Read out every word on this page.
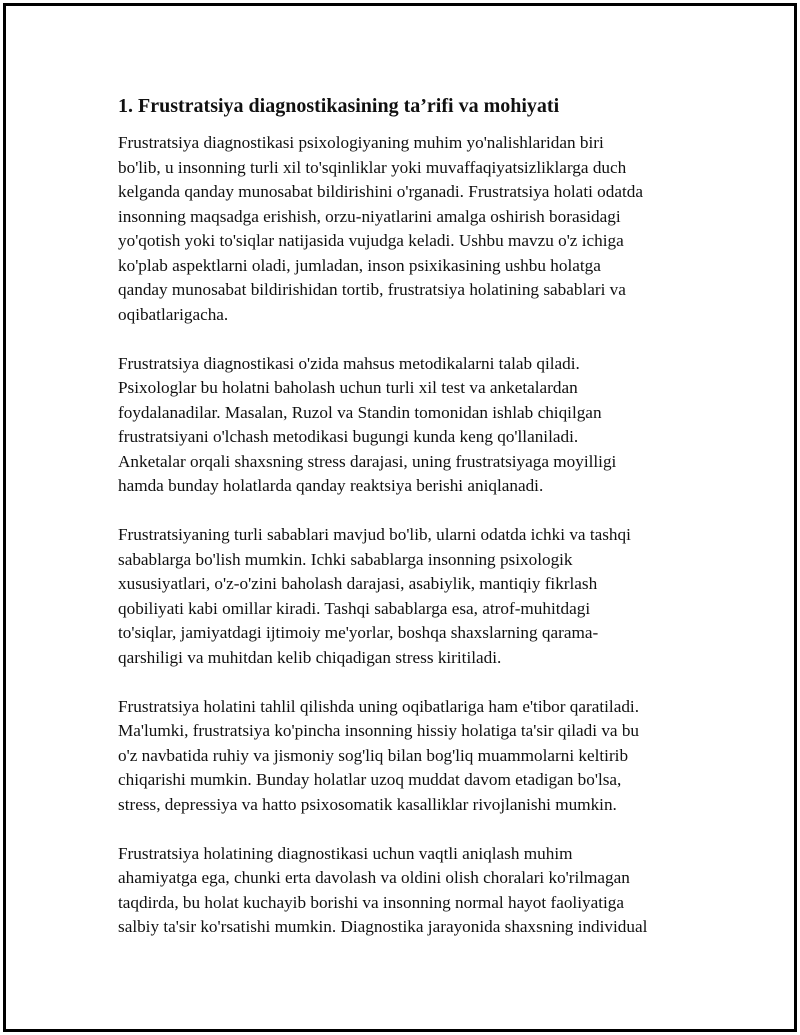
1. Frustratsiya diagnostikasining ta’rifi va mohiyati
Frustratsiya diagnostikasi psixologiyaning muhim yo'nalishlaridan biri
bo'lib, u insonning turli xil to'sqinliklar yoki muvaffaqiyatsizliklarga duch
kelganda qanday munosabat bildirishini o'rganadi. Frustratsiya holati odatda
insonning maqsadga erishish, orzu-niyatlarini amalga oshirish borasidagi
yo'qotish yoki to'siqlar natijasida vujudga keladi. Ushbu mavzu o'z ichiga
ko'plab aspektlarni oladi, jumladan, inson psixikasining ushbu holatga
qanday munosabat bildirishidan tortib, frustratsiya holatining sabablari va
oqibatlarigacha.
Frustratsiya diagnostikasi o'zida mahsus metodikalarni talab qiladi.
Psixologlar bu holatni baholash uchun turli xil test va anketalardan
foydalanadilar. Masalan, Ruzol va Standin tomonidan ishlab chiqilgan
frustratsiyani o'lchash metodikasi bugungi kunda keng qo'llaniladi.
Anketalar orqali shaxsning stress darajasi, uning frustratsiyaga moyilligi
hamda bunday holatlarda qanday reaktsiya berishi aniqlanadi.
Frustratsiyaning turli sabablari mavjud bo'lib, ularni odatda ichki va tashqi
sabablarga bo'lish mumkin. Ichki sabablarga insonning psixologik
xususiyatlari, o'z-o'zini baholash darajasi, asabiylik, mantiqiy fikrlash
qobiliyati kabi omillar kiradi. Tashqi sabablarga esa, atrof-muhitdagi
to'siqlar, jamiyatdagi ijtimoiy me'yorlar, boshqa shaxslarning qarama-
qarshiligi va muhitdan kelib chiqadigan stress kiritiladi.
Frustratsiya holatini tahlil qilishda uning oqibatlariga ham e'tibor qaratiladi.
Ma'lumki, frustratsiya ko'pincha insonning hissiy holatiga ta'sir qiladi va bu
o'z navbatida ruhiy va jismoniy sog'liq bilan bog'liq muammolarni keltirib
chiqarishi mumkin. Bunday holatlar uzoq muddat davom etadigan bo'lsa,
stress, depressiya va hatto psixosomatik kasalliklar rivojlanishi mumkin.
Frustratsiya holatining diagnostikasi uchun vaqtli aniqlash muhim
ahamiyatga ega, chunki erta davolash va oldini olish choralari ko'rilmagan
taqdirda, bu holat kuchayib borishi va insonning normal hayot faoliyatiga
salbiy ta'sir ko'rsatishi mumkin. Diagnostika jarayonida shaxsning individual
